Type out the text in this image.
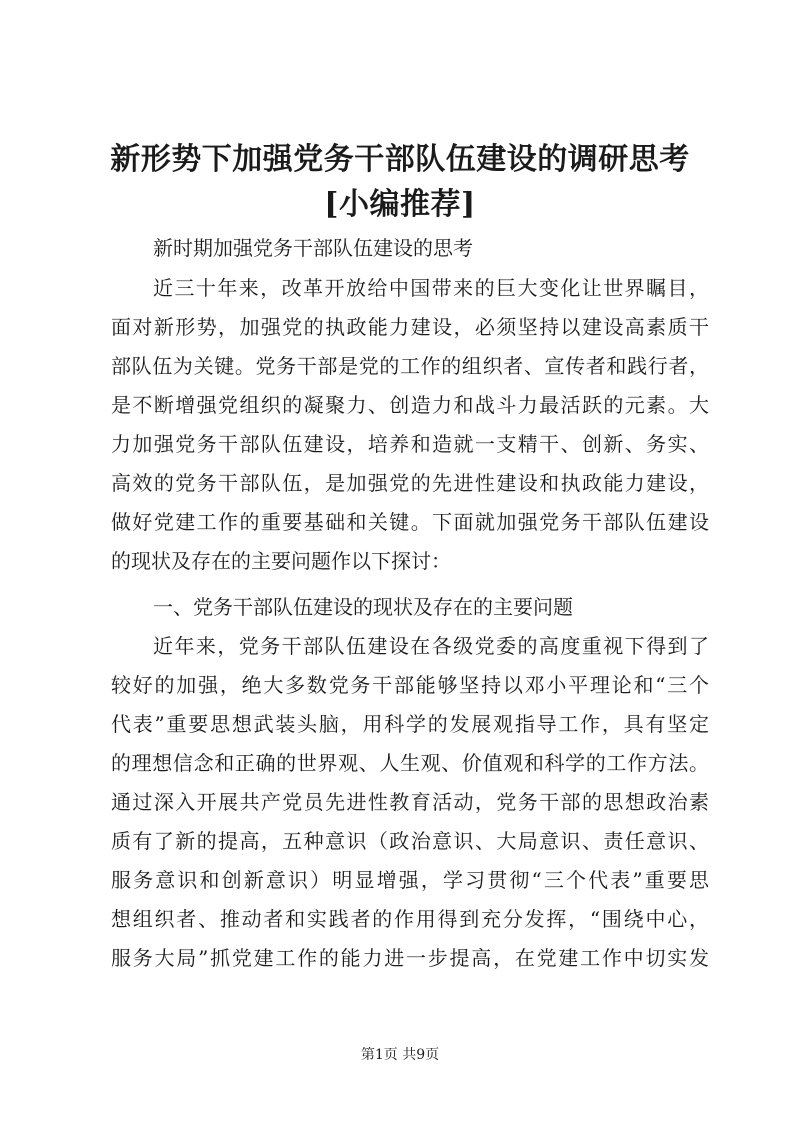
新形势下加强党务干部队伍建设的调研思考
[小编推荐]
新时期加强党务干部队伍建设的思考
近三十年来，改革开放给中国带来的巨大变化让世界瞩目，
面对新形势，加强党的执政能力建设，必须坚持以建设高素质干
部队伍为关键。党务干部是党的工作的组织者、宣传者和践行者，
是不断增强党组织的凝聚力、创造力和战斗力最活跃的元素。大
力加强党务干部队伍建设，培养和造就一支精干、创新、务实、
高效的党务干部队伍，是加强党的先进性建设和执政能力建设，
做好党建工作的重要基础和关键。下面就加强党务干部队伍建设
的现状及存在的主要问题作以下探讨：
一、党务干部队伍建设的现状及存在的主要问题
近年来，党务干部队伍建设在各级党委的高度重视下得到了
较好的加强，绝大多数党务干部能够坚持以邓小平理论和“三个
代表”重要思想武装头脑，用科学的发展观指导工作，具有坚定
的理想信念和正确的世界观、人生观、价值观和科学的工作方法。
通过深入开展共产党员先进性教育活动，党务干部的思想政治素
质有了新的提高，五种意识（政治意识、大局意识、责任意识、
服务意识和创新意识）明显增强，学习贯彻“三个代表”重要思
想组织者、推动者和实践者的作用得到充分发挥，“围绕中心，
服务大局”抓党建工作的能力进一步提高，在党建工作中切实发
第1页 共9页
